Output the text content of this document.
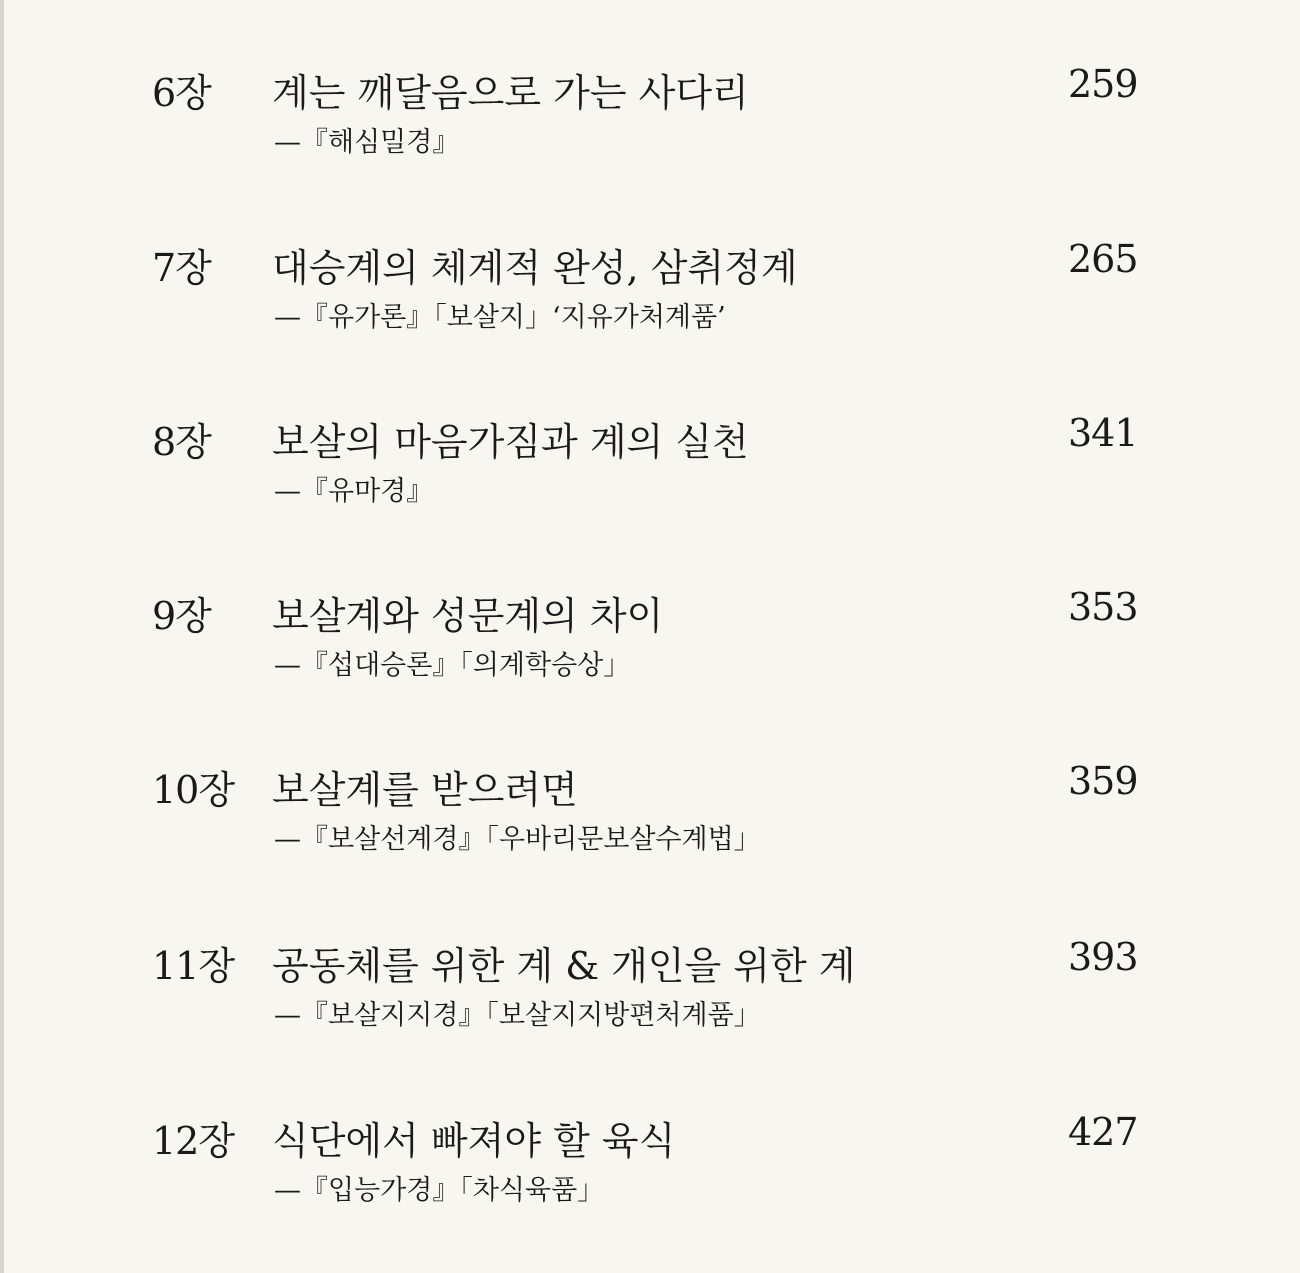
6장 계는 깨달음으로 가는 사다리	259
—『해심밀경』
7장 대승계의 체계적 완성, 삼취정계	265
—『유가론』「보살지」‘지유가처계품’
8장 보살의 마음가짐과 계의 실천	341
—『유마경』
9장 보살계와 성문계의 차이	353
—『섭대승론』「의계학승상」
10장 보살계를 받으려면	359
—『보살선계경』「우바리문보살수계법」
11장 공동체를 위한 계 & 개인을 위한 계	393
—『보살지지경』「보살지지방편처계품」
12장 식단에서 빠져야 할 육식	427
—『입능가경』「차식육품」
